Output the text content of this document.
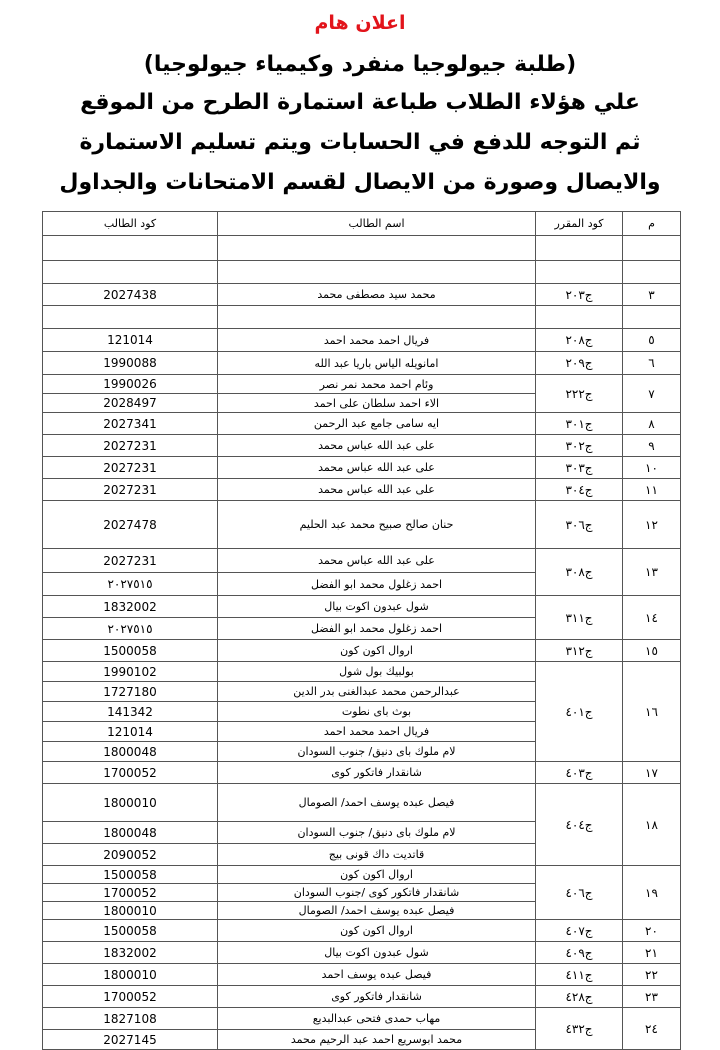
اعلان هام
(طلبة جيولوجيا منفرد وكيمياء جيولوجيا)
علي هؤلاء الطلاب طباعة استمارة الطرح من الموقع
ثم التوجه للدفع في الحسابات ويتم تسليم الاستمارة
والايصال وصورة من الايصال لقسم الامتحانات والجداول
م	كود المقرر	اسم الطالب	كود الطالب

٣	ج٢٠٣	محمد سيد مصطفى محمد	2027438

٥	ج٢٠٨	فريال احمد محمد احمد	121014
٦	ج٢٠٩	امانويله الياس باريا عبد الله	1990088
٧	ج٢٢٢	وئام احمد محمد نمر نصر	1990026
		الاء احمد سلطان على احمد	2028497
٨	ج٣٠١	ايه سامى جامع عبد الرحمن	2027341
٩	ج٣٠٢	على عبد الله عباس محمد	2027231
١٠	ج٣٠٣	على عبد الله عباس محمد	2027231
١١	ج٣٠٤	على عبد الله عباس محمد	2027231
١٢	ج٣٠٦	حنان صالح صبيح محمد عبد الحليم	2027478
١٣	ج٣٠٨	على عبد الله عباس محمد	2027231
		احمد زغلول محمد ابو الفضل	٢٠٢٧٥١٥
١٤	ج٣١١	شول عبدون اكوت بيال	1832002
		احمد زغلول محمد ابو الفضل	٢٠٢٧٥١٥
١٥	ج٣١٢	اروال اكون كون	1500058
١٦	ج٤٠١	بولبيك بول شول	1990102
		عبدالرحمن محمد عبدالغنى بدر الدين	1727180
		بوث باى نطوت	141342
		فريال احمد محمد احمد	121014
		لام ملوك باى دنيق/ جنوب السودان	1800048
١٧	ج٤٠٣	شانقدار فاتكور كوى	1700052
١٨	ج٤٠٤	فيصل عبده يوسف احمد/ الصومال	1800010
		لام ملوك باى دنيق/ جنوب السودان	1800048
		قاتديت داك قونى بيج	2090052
١٩	ج٤٠٦	اروال اكون كون	1500058
		شانقدار فاتكور كوى /جنوب السودان	1700052
		فيصل عبده يوسف احمد/ الصومال	1800010
٢٠	ج٤٠٧	اروال اكون كون	1500058
٢١	ج٤٠٩	شول عبدون اكوت بيال	1832002
٢٢	ج٤١١	فيصل عبده يوسف احمد	1800010
٢٣	ج٤٢٨	شانقدار فاتكور كوى	1700052
٢٤	ج٤٣٢	مهاب حمدى فتحى عبدالبديع	1827108
		محمد ابوسريع احمد عبد الرحيم محمد	2027145
